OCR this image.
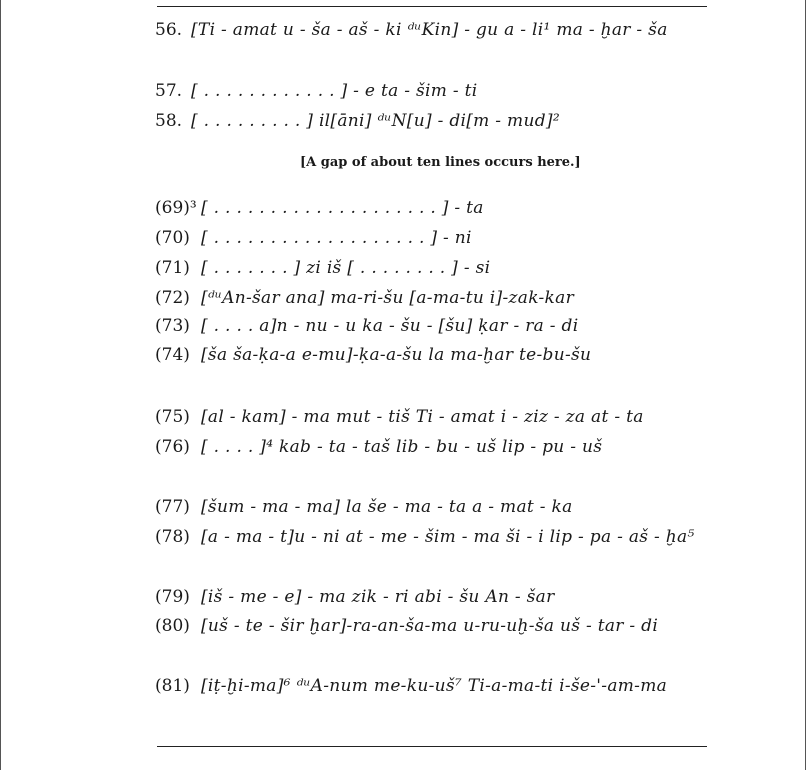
56. [Ti - amat u - ša - aš - ki ᵈᵘKin] - gu a - li¹ ma - ḫar - ša
57. [ . . . . . . . . . . . . ] - e ta - šim - ti
58. [ . . . . . . . . . ] il[āni] ᵈᵘN[u] - di[m - mud]²
[A gap of about ten lines occurs here.]
(69)³ [ . . . . . . . . . . . . . . . . . . . . ] - ta
(70) [ . . . . . . . . . . . . . . . . . . . ] - ni
(71) [ . . . . . . . ] zi iš [ . . . . . . . . ] - si
(72) [ᵈᵘAn-šar ana] ma-ri-šu [a-ma-tu i]-zak-kar
(73) [ . . . . a]n - nu - u ka - šu - [šu] ḳar - ra - di
(74) [ša ša-ḳa-a e-mu]-ḳa-a-šu la ma-ḫar te-bu-šu
(75) [al - kam] - ma mut - tiš Ti - amat i - ziz - za at - ta
(76) [ . . . . ]⁴ kab - ta - taš lib - bu - uš lip - pu - uš
(77) [šum - ma - ma] la še - ma - ta a - mat - ka
(78) [a - ma - t]u - ni at - me - šim - ma ši - i lip - pa - aš - ḫa⁵
(79) [iš - me - e] - ma zik - ri abi - šu An - šar
(80) [uš - te - šir ḫar]-ra-an-ša-ma u-ru-uḫ-ša uš - tar - di
(81) [iṭ-ḫi-ma]⁶ ᵈᵘA-num me-ku-uš⁷ Ti-a-ma-ti i-še-'-am-ma
